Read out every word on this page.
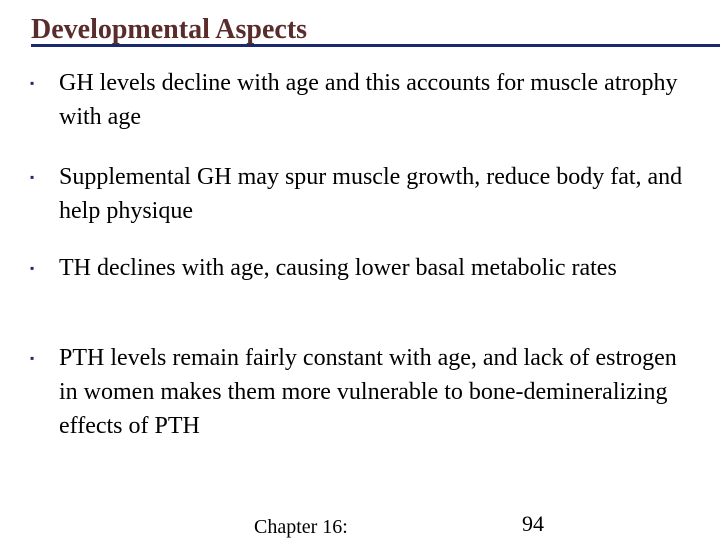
Developmental Aspects
▪	GH levels decline with age and this accounts for muscle atrophy with age
▪	Supplemental GH may spur muscle growth, reduce body fat, and help physique
▪	TH declines with age, causing lower basal metabolic rates
▪	PTH levels remain fairly constant with age, and lack of estrogen in women makes them more vulnerable to bone-demineralizing effects of PTH
Chapter 16:	94
